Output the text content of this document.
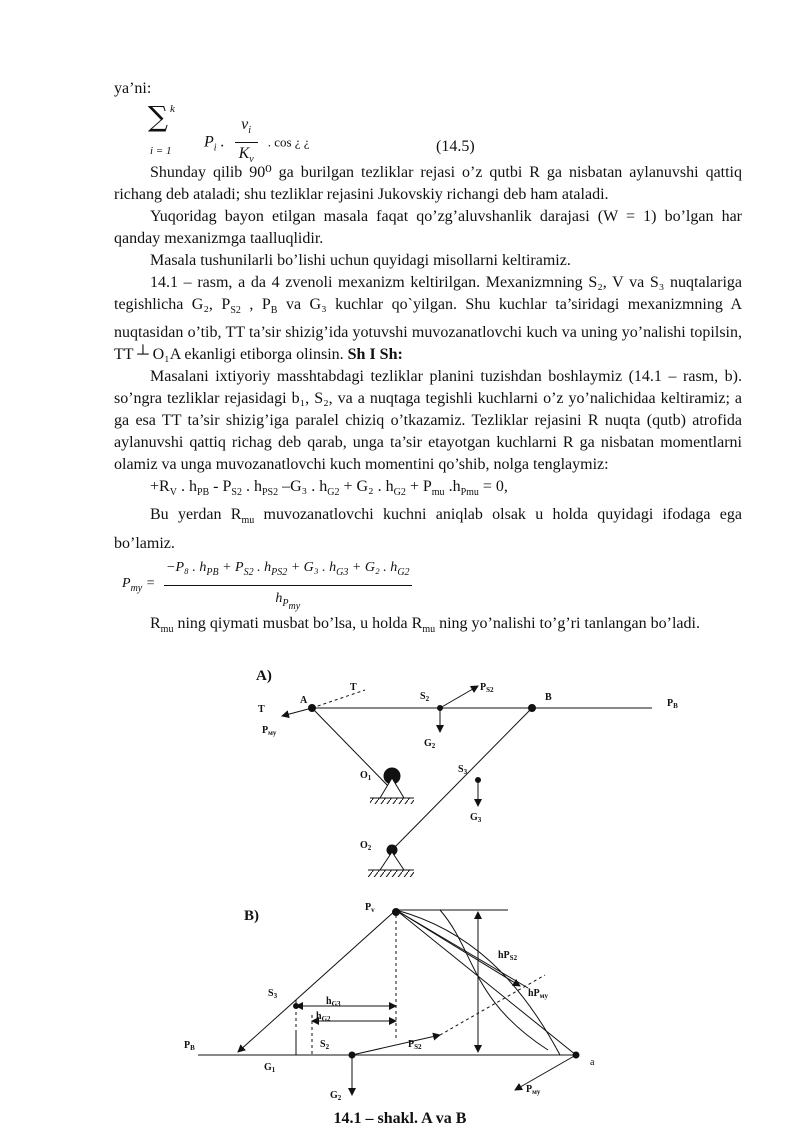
ya’ni:

∑ k
i = 1
$P_i$ . $\frac{v_i}{K_v}$ . cos ¿ ¿	(14.5)

Shunday qilib 90⁰ ga burilgan tezliklar rejasi o’z qutbi R ga nisbatan aylanuvshi qattiq richang deb ataladi; shu tezliklar rejasini Jukovskiy richangi deb ham ataladi.

Yuqoridag bayon etilgan masala faqat qo’zg’aluvshanlik darajasi (W = 1) bo’lgan har qanday mexanizmga taalluqlidir.

Masala tushunilarli bo’lishi uchun quyidagi misollarni keltiramiz.

14.1 – rasm, a da 4 zvenoli mexanizm keltirilgan. Mexanizmning S₂, V va S₃ nuqtalariga tegishlicha G₂, $P_{S2}$ , $P_B$ va G₃ kuchlar qo`yilgan. Shu kuchlar ta’siridagi mexanizmning A nuqtasidan o’tib, TT ta’sir shizig’ida yotuvshi muvozanatlovchi kuch va uning yo’nalishi topilsin, TT ┴ O₁A ekanligi etiborga olinsin. Sh I Sh:

Masalani ixtiyoriy masshtabdagi tezliklar planini tuzishdan boshlaymiz (14.1 – rasm, b). so’ngra tezliklar rejasidagi b₁, S₂, va a nuqtaga tegishli kuchlarni o’z yo’nalichidaa keltiramiz; a ga esa TT ta’sir shizig’iga paralel chiziq o’tkazamiz. Tezliklar rejasini R nuqta (qutb) atrofida aylanuvshi qattiq richag deb qarab, unga ta’sir etayotgan kuchlarni R ga nisbatan momentlarni olamiz va unga muvozanatlovchi kuch momentini qo’shib, nolga tenglaymiz:

$+R_V$ . $h_{PB} - P_{S2}$ . $h_{PS2}$ –G₃ . $h_{G2} + G_2$ . $h_{G2} + P_{mu}$ $.h_{Pmu} = 0$,

Bu yerdan $R_{mu}$ muvozanatlovchi kuchni aniqlab olsak u holda quyidagi ifodaga ega bo’lamiz.

$P_{my}$ =
−P₈ . $h_{PB} + P_{S2}$ . $h_{PS2} + G_3$ . $h_{G3} + G_2$ . $h_{G2}$
$h_{P_{my}}$

$R_{mu}$ ning qiymati musbat bo’lsa, u holda $R_{mu}$ ning yo’nalishi to’g’ri tanlangan bo’ladi.

A)
T
T
A	$S_2$
$P_{S2}$
B
$P_B$
$P_{му}$
$G_2$
$O_1$
$S_3$
$G_3$
$O_2$
B)
$P_v$
$hP_{S2}$
$hP_{му}$
$S_3$	$h_{G3}$
$h_{G2}$
$P_B$	$S_2$	$P_{S2}$
a
$G_1$
$G_2$
$P_{му}$
14.1 – shakl. A va B
